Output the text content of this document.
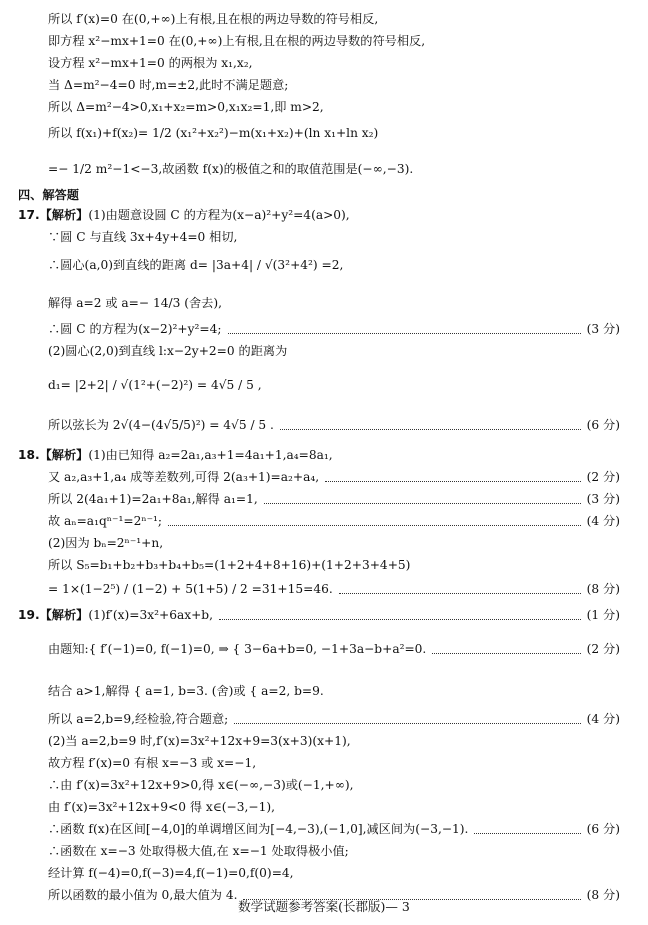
所以 f′(x)=0 在(0,+∞)上有根,且在根的两边导数的符号相反,
即方程 x²−mx+1=0 在(0,+∞)上有根,且在根的两边导数的符号相反,
设方程 x²−mx+1=0 的两根为 x₁,x₂,
当 Δ=m²−4=0 时,m=±2,此时不满足题意;
所以 Δ=m²−4>0,x₁+x₂=m>0,x₁x₂=1,即 m>2,
所以 f(x₁)+f(x₂)= 1/2 (x₁²+x₂²)−m(x₁+x₂)+(ln x₁+ln x₂)
=− 1/2 m²−1<−3,故函数 f(x)的极值之和的取值范围是(−∞,−3).
四、解答题
17.【解析】(1)由题意设圆 C 的方程为(x−a)²+y²=4(a>0),
∵圆 C 与直线 3x+4y+4=0 相切,
∴圆心(a,0)到直线的距离 d= |3a+4| / √(3²+4²) =2,
解得 a=2 或 a=− 14/3 (舍去),
∴圆 C 的方程为(x−2)²+y²=4;	(3 分)
(2)圆心(2,0)到直线 l:x−2y+2=0 的距离为
d₁= |2+2| / √(1²+(−2)²) = 4√5 / 5 ,
所以弦长为 2√(4−(4√5/5)²) = 4√5 / 5 .	(6 分)
18.【解析】(1)由已知得 a₂=2a₁,a₃+1=4a₁+1,a₄=8a₁,
又 a₂,a₃+1,a₄ 成等差数列,可得 2(a₃+1)=a₂+a₄,	(2 分)
所以 2(4a₁+1)=2a₁+8a₁,解得 a₁=1,	(3 分)
故 aₙ=a₁qⁿ⁻¹=2ⁿ⁻¹;	(4 分)
(2)因为 bₙ=2ⁿ⁻¹+n,
所以 S₅=b₁+b₂+b₃+b₄+b₅=(1+2+4+8+16)+(1+2+3+4+5)
= 1×(1−2⁵) / (1−2) + 5(1+5) / 2 =31+15=46.	(8 分)
19.【解析】(1)f′(x)=3x²+6ax+b,	(1 分)
由题知:{ f′(−1)=0, f(−1)=0, ⇒ { 3−6a+b=0, −1+3a−b+a²=0.	(2 分)
结合 a>1,解得 { a=1, b=3. (舍)或 { a=2, b=9.
所以 a=2,b=9,经检验,符合题意;	(4 分)
(2)当 a=2,b=9 时,f′(x)=3x²+12x+9=3(x+3)(x+1),
故方程 f′(x)=0 有根 x=−3 或 x=−1,
∴由 f′(x)=3x²+12x+9>0,得 x∈(−∞,−3)或(−1,+∞),
由 f′(x)=3x²+12x+9<0 得 x∈(−3,−1),
∴函数 f(x)在区间[−4,0]的单调增区间为[−4,−3),(−1,0],减区间为(−3,−1).	(6 分)
∴函数在 x=−3 处取得极大值,在 x=−1 处取得极小值;
经计算 f(−4)=0,f(−3)=4,f(−1)=0,f(0)=4,
所以函数的最小值为 0,最大值为 4.	(8 分)
数学试题参考答案(长郡版)— 3
